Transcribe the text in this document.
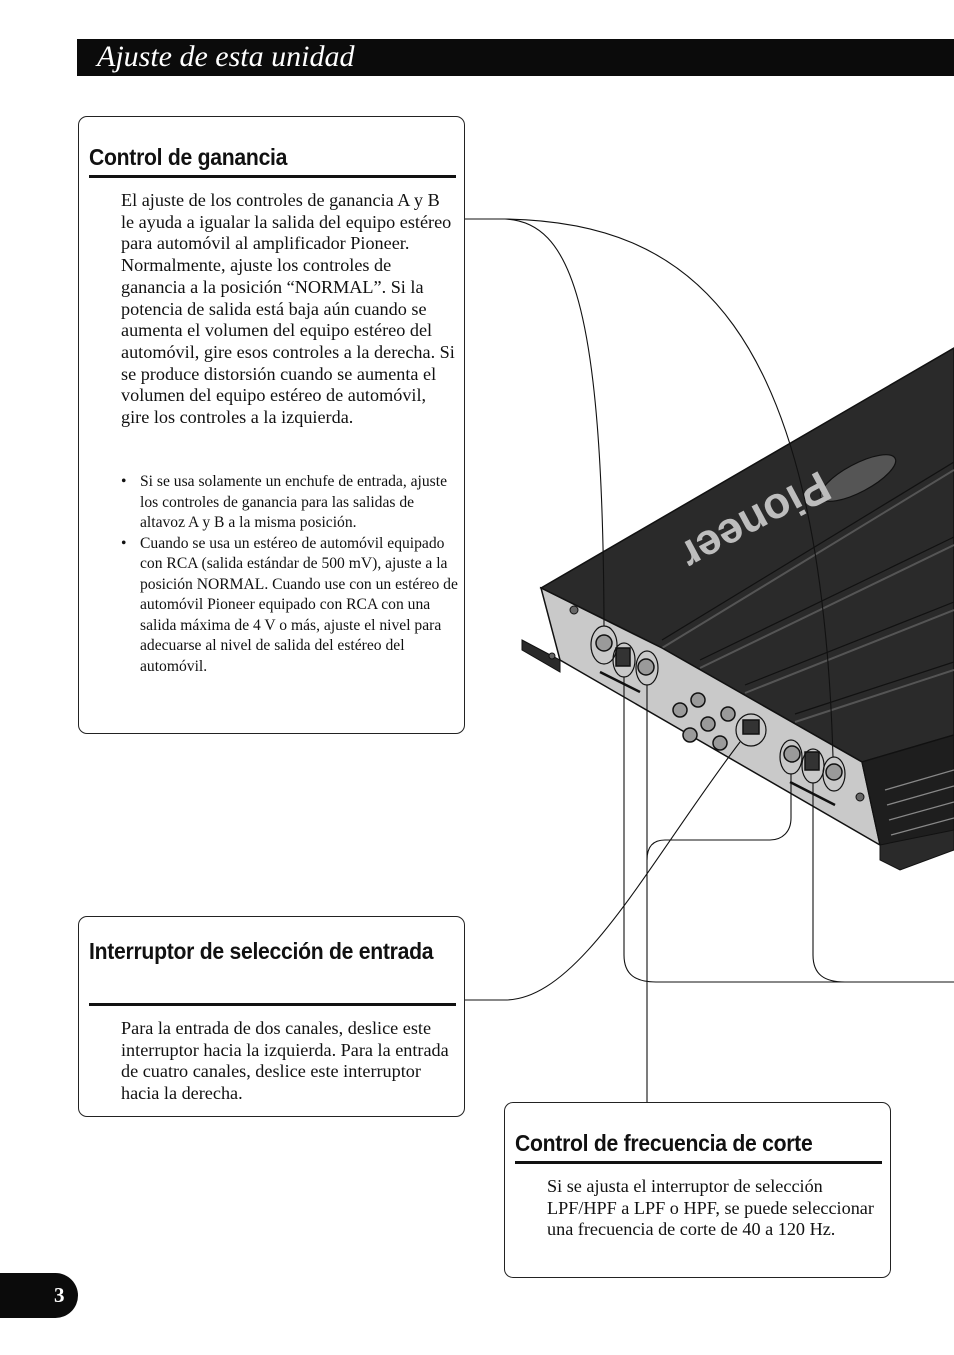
Ajuste de esta unidad
Pioneer
Control de ganancia
El ajuste de los controles de ganancia A y B le ayuda a igualar la salida del equipo estéreo para automóvil al amplificador Pioneer. Normalmente, ajuste los controles de ganancia a la posición “NORMAL”. Si la potencia de salida está baja aún cuando se aumenta el volumen del equipo estéreo del automóvil, gire esos controles a la derecha. Si se produce distorsión cuando se aumenta el volumen del equipo estéreo de automóvil, gire los controles a la izquierda.
• Si se usa solamente un enchufe de entrada, ajuste los controles de ganancia para las salidas de altavoz A y B a la misma posición.
• Cuando se usa un estéreo de automóvil equipado con RCA (salida estándar de 500 mV), ajuste a la posición NORMAL. Cuando use con un estéreo de automóvil Pioneer equipado con RCA con una salida máxima de 4 V o más, ajuste el nivel para adecuarse al nivel de salida del estéreo del automóvil.
Interruptor de selección de entrada
Para la entrada de dos canales, deslice este interruptor hacia la izquierda. Para la entrada de cuatro canales, deslice este interruptor hacia la derecha.
Control de frecuencia de corte
Si se ajusta el interruptor de selección LPF/HPF a LPF o HPF, se puede seleccionar una frecuencia de corte de 40 a 120 Hz.
3
